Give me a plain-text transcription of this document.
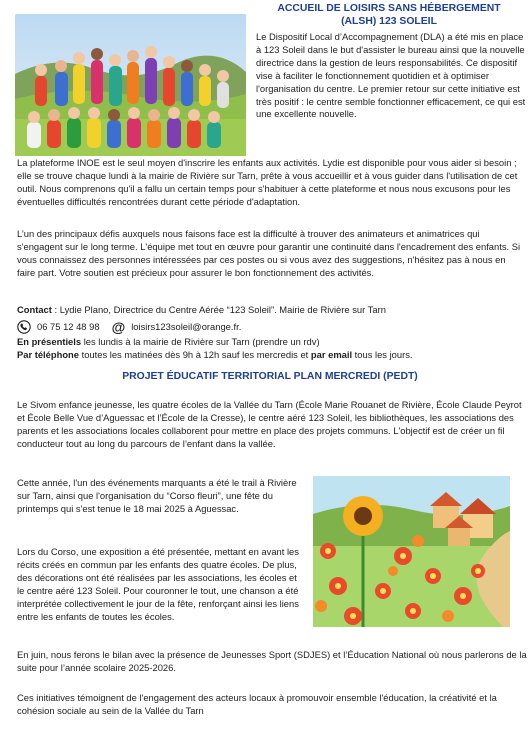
ACCUEIL DE LOISIRS SANS HÉBERGEMENT
(ALSH) 123 SOLEIL

Le Dispositif Local d’Accompagnement (DLA) a été mis en place à 123 Soleil dans le but d'assister le bureau ainsi que la nouvelle directrice dans la gestion de leurs responsabilités. Ce dispositif vise à faciliter le fonctionnement quotidien et à optimiser l'organisation du centre. Le premier retour sur cette initiative est très positif : le centre semble fonctionner efficacement, ce qui est une excellente nouvelle.

La plateforme INOE est le seul moyen d'inscrire les enfants aux activités. Lydie est disponible pour vous aider si besoin ; elle se trouve chaque lundi à la mairie de Rivière sur Tarn, prête à vous accueillir et à vous guider dans l'utilisation de cet outil. Nous comprenons qu'il a fallu un certain temps pour s'habituer à cette plateforme et nous nous excusons pour les éventuelles difficultés rencontrées durant cette période d'adaptation.

L’un des principaux défis auxquels nous faisons face est la difficulté à trouver des animateurs et animatrices qui s'engagent sur le long terme. L'équipe met tout en œuvre pour garantir une continuité dans l'encadrement des enfants. Si vous connaissez des personnes intéressées par ces postes ou si vous avez des suggestions, n'hésitez pas à nous en faire part. Votre soutien est précieux pour assurer le bon fonctionnement des activités.

Contact : Lydie Plano, Directrice du Centre Aérée “123 Soleil”. Mairie de Rivière sur Tarn

06 75 12 48 98 @ loisirs123soleil@orange.fr.

En présentiels les lundis à la mairie de Rivière sur Tarn (prendre un rdv)

Par téléphone toutes les matinées dès 9h à 12h sauf les mercredis et par email tous les jours.

PROJET ÉDUCATIF TERRITORIAL PLAN MERCREDI (PEDT)

Le Sivom enfance jeunesse, les quatre écoles de la Vallée du Tarn (École Marie Rouanet de Rivière, École Claude Peyrot et École Belle Vue d’Aguessac et l’École de la Cresse), le centre aéré 123 Soleil, les bibliothèques, les associations des parents et les associations locales collaborent pour mettre en place des projets communs. L'objectif est de créer un fil conducteur tout au long du parcours de l’enfant dans la vallée.

Cette année, l'un des événements marquants a été le trail à Rivière sur Tarn, ainsi que l'organisation du “Corso fleuri”, une fête du printemps qui s'est tenue le 18 mai 2025 à Aguessac.

Lors du Corso, une exposition a été présentée, mettant en avant les récits créés en commun par les enfants des quatre écoles. De plus, des décorations ont été réalisées par les associations, les écoles et le centre aéré 123 Soleil. Pour couronner le tout, une chanson a été interprétée collectivement le jour de la fête, renforçant ainsi les liens entre les enfants de toutes les écoles.

En juin, nous ferons le bilan avec la présence de Jeunesses Sport (SDJES) et l’Éducation National où nous parlerons de la suite pour l’année scolaire 2025-2026.

Ces initiatives témoignent de l'engagement des acteurs locaux à promouvoir ensemble l'éducation, la créativité et la cohésion sociale au sein de la Vallée du Tarn
